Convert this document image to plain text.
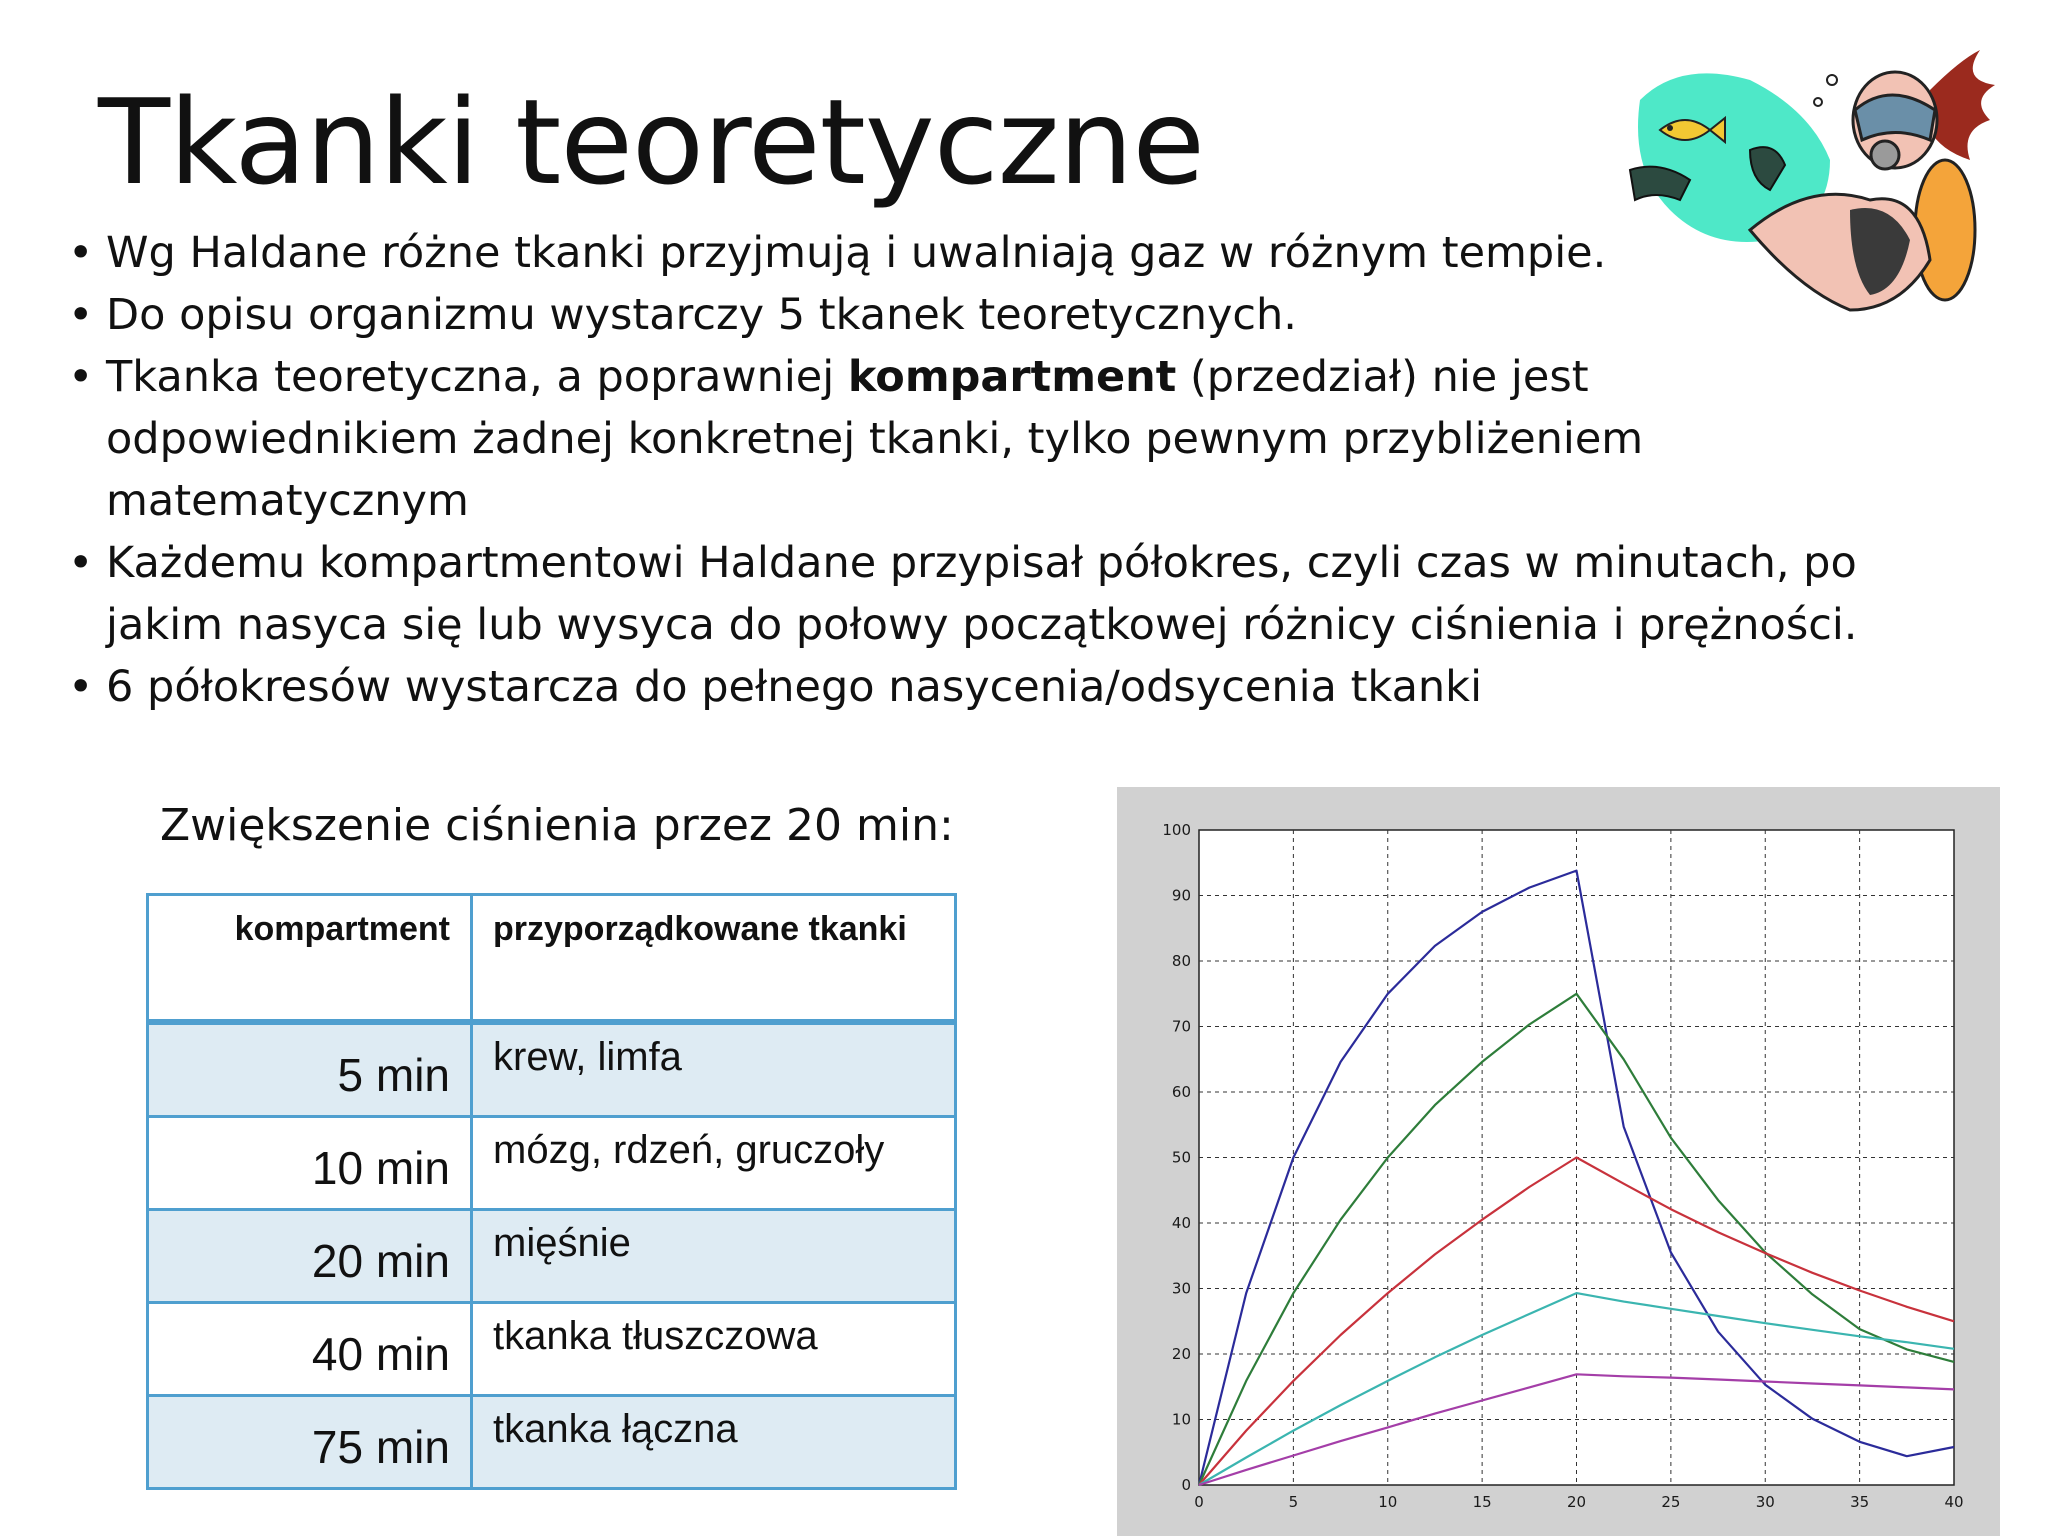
Tkanki teoretyczne
• Wg Haldane różne tkanki przyjmują i uwalniają gaz w różnym tempie.
• Do opisu organizmu wystarczy 5 tkanek teoretycznych.
• Tkanka teoretyczna, a poprawniej kompartment (przedział) nie jest odpowiednikiem żadnej konkretnej tkanki, tylko pewnym przybliżeniem matematycznym
• Każdemu kompartmentowi Haldane przypisał półokres, czyli czas w minutach, po jakim nasyca się lub wysyca do połowy początkowej różnicy ciśnienia i prężności.
• 6 półokresów wystarcza do pełnego nasycenia/odsycenia tkanki
Zwiększenie ciśnienia przez 20 min:
kompartment	przyporządkowane tkanki
5 min	krew, limfa
10 min	mózg, rdzeń, gruczoły
20 min	mięśnie
40 min	tkanka tłuszczowa
75 min	tkanka łączna
0	5	10	15	20	25	30	35	40
0
10
20
30
40
50
60
70
80
90
100
